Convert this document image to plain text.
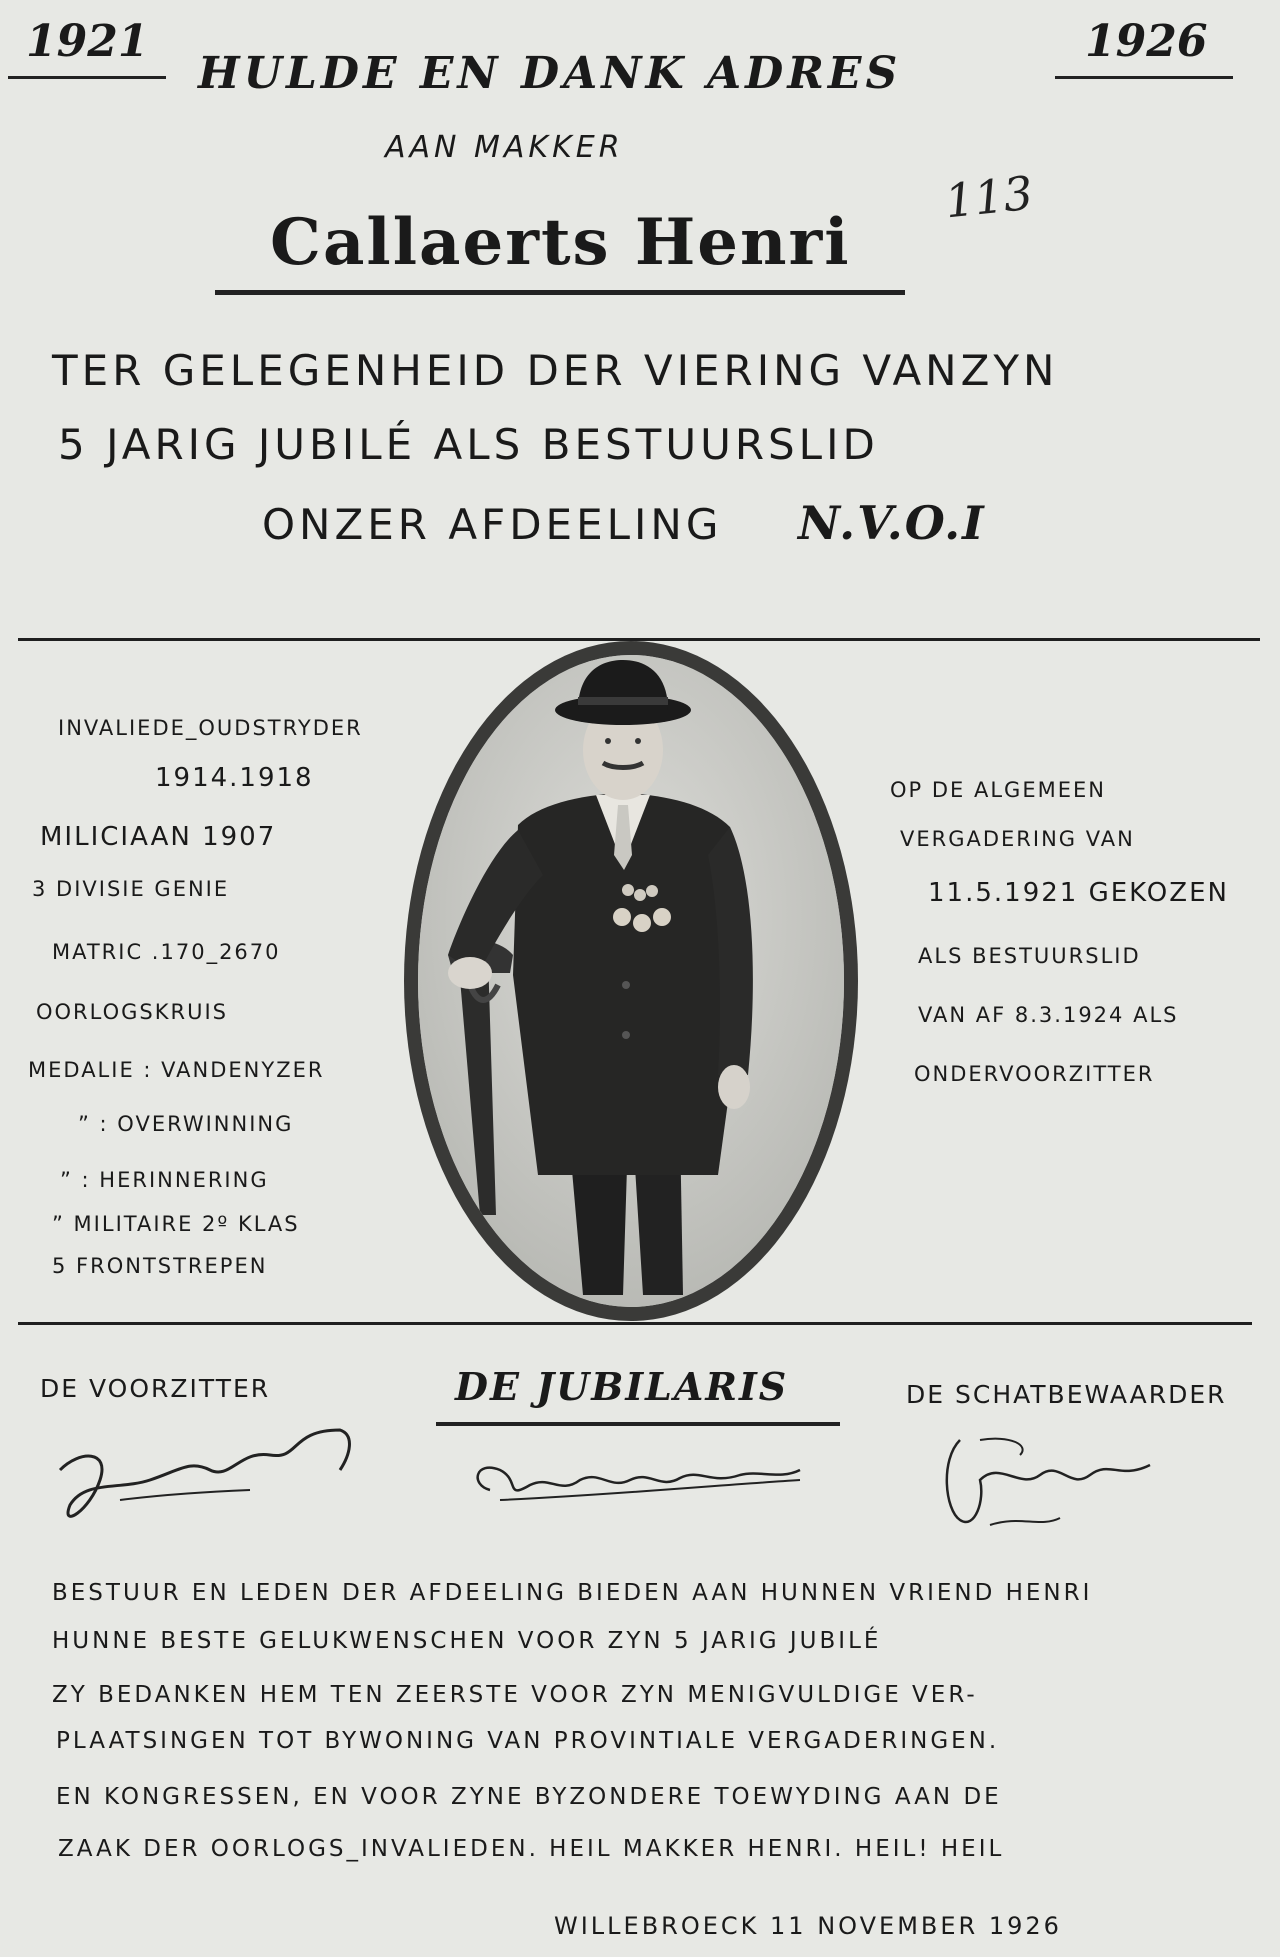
1921	1926
HULDE EN DANK ADRES
AAN MAKKER
Callaerts Henri
113
TER GELEGENHEID DER VIERING VANZYN
5 JARIG JUBILÉ ALS BESTUURSLID
ONZER AFDEELING N.V.O.I
INVALIEDE_OUDSTRYDER
1914.1918
MILICIAAN 1907
3 DIVISIE GENIE
MATRIC .170_2670
OORLOGSKRUIS
MEDALIE : VANDENYZER
” : OVERWINNING
” : HERINNERING
” MILITAIRE 2º KLAS
5 FRONTSTREPEN
OP DE ALGEMEEN
VERGADERING VAN
11.5.1921 GEKOZEN
ALS BESTUURSLID
VAN AF 8.3.1924 ALS
ONDERVOORZITTER
DE VOORZITTER	DE JUBILARIS	DE SCHATBEWAARDER
BESTUUR EN LEDEN DER AFDEELING BIEDEN AAN HUNNEN VRIEND HENRI
HUNNE BESTE GELUKWENSCHEN VOOR ZYN 5 JARIG JUBILÉ
ZY BEDANKEN HEM TEN ZEERSTE VOOR ZYN MENIGVULDIGE VER-
PLAATSINGEN TOT BYWONING VAN PROVINTIALE VERGADERINGEN.
EN KONGRESSEN, EN VOOR ZYNE BYZONDERE TOEWYDING AAN DE
ZAAK DER OORLOGS_INVALIEDEN. HEIL MAKKER HENRI. HEIL! HEIL
WILLEBROECK 11 NOVEMBER 1926
